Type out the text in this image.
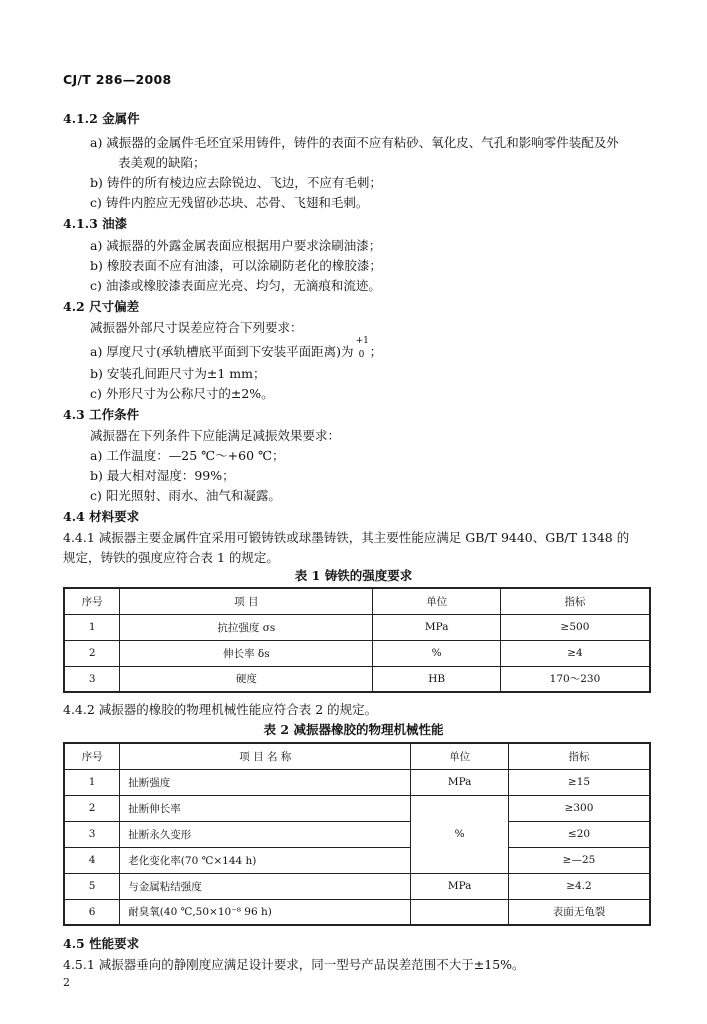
CJ/T 286—2008
4.1.2 金属件
a) 减振器的金属件毛坯宜采用铸件，铸件的表面不应有粘砂、氧化皮、气孔和影响零件装配及外
表美观的缺陷；
b) 铸件的所有棱边应去除锐边、飞边，不应有毛刺；
c) 铸件内腔应无残留砂芯块、芯骨、飞翅和毛刺。
4.1.3 油漆
a) 减振器的外露金属表面应根据用户要求涂刷油漆；
b) 橡胶表面不应有油漆，可以涂刷防老化的橡胶漆；
c) 油漆或橡胶漆表面应光亮、均匀，无滴痕和流迹。
4.2 尺寸偏差
减振器外部尺寸误差应符合下列要求：
a) 厚度尺寸(承轨槽底平面到下安装平面距离)为
+1
0 ；
b) 安装孔间距尺寸为±1 mm；
c) 外形尺寸为公称尺寸的±2%。
4.3 工作条件
减振器在下列条件下应能满足减振效果要求：
a) 工作温度：—25 ℃～+60 ℃；
b) 最大相对湿度：99%；
c) 阳光照射、雨水、油气和凝露。
4.4 材料要求
4.4.1 减振器主要金属件宜采用可锻铸铁或球墨铸铁，其主要性能应满足 GB/T 9440、GB/T 1348 的
规定，铸铁的强度应符合表 1 的规定。
表 1 铸铁的强度要求
序号	项 目	单位	指标
1	抗拉强度 σs	MPa	≥500
2	伸长率 δs	%	≥4
3	硬度	HB	170～230
4.4.2 减振器的橡胶的物理机械性能应符合表 2 的规定。
表 2 减振器橡胶的物理机械性能
序号	项 目 名 称	单位	指标
1	扯断强度	MPa	≥15
2	扯断伸长率	%	≥300
3	扯断永久变形		≤20
4	老化变化率(70 ℃×144 h)		≥—25
5	与金属粘结强度	MPa	≥4.2
6	耐臭氧(40 ℃,50×10⁻⁸ 96 h)		表面无龟裂
4.5 性能要求
4.5.1 减振器垂向的静刚度应满足设计要求，同一型号产品误差范围不大于±15%。
2
